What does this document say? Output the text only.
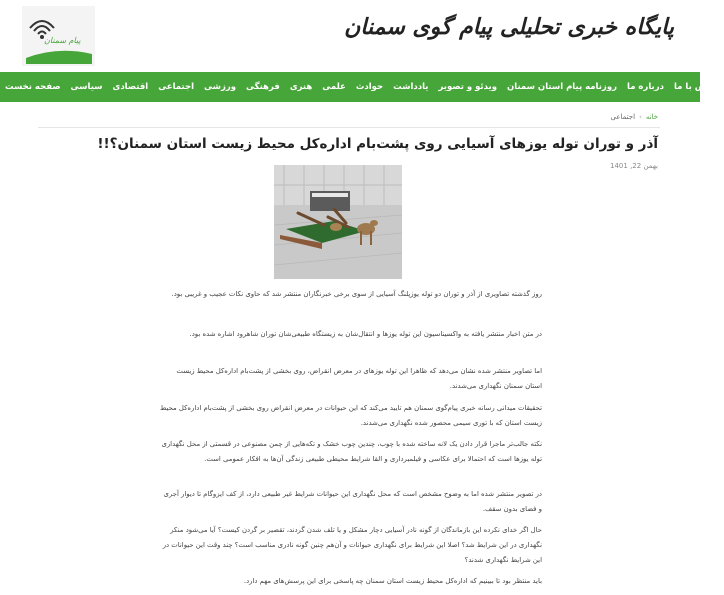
پیام سمنان
پایگاه خبری تحلیلی پیام گوی سمنان
صفحه نخست	سیاسی	اقتصادی	اجتماعی	ورزشی	فرهنگی	هنری	علمی	حوادث	یادداشت	ویدئو و تصویر	روزنامه پیام استان سمنان	درباره ما	تماس با ما
خانه
›
اجتماعی
آذر و توران توله یوزهای آسیایی روی پشت‌بام اداره‌کل محیط زیست استان سمنان؟!!
بهمن 22, 1401

روز گذشته تصاویری از آذر و توران دو توله یوزپلنگ آسیایی از سوی برخی خبرنگاران منتشر شد که حاوی نکات عجیب و غریبی بود.

در متن اخبار منتشر یافته به واکسیناسیون این توله یوزها و انتقال‌شان به زیستگاه طبیعی‌شان توران شاهرود اشاره شده بود.

اما تصاویر منتشر شده نشان می‌دهد که ظاهرا این توله یوزهای در معرض انقراض، روی بخشی از پشت‌بام اداره‌کل محیط زیست استان سمنان نگهداری می‌شدند.

تحقیقات میدانی رسانه خبری پیام‌گوی سمنان هم تایید می‌کند که این حیوانات در معرض انقراض روی بخشی از پشت‌بام اداره‌کل محیط زیست استان که با توری سیمی محصور شده نگهداری می‌شدند.

نکته جالب‌تر ماجرا قرار دادن یک لانه ساخته شده با چوب، چندین چوب خشک و تکه‌هایی از چمن مصنوعی در قسمتی از محل نگهداری توله یوزها است که احتمالا برای عکاسی و فیلمبرداری و القا شرایط محیطی طبیعی زندگی آن‌ها به افکار عمومی است.

در تصویر منتشر شده اما به وضوح مشخص است که محل نگهداری این حیوانات شرایط غیر طبیعی دارد، از کف ایزوگام تا دیوار آجری و فضای بدون سقف.

حال اگر خدای نکرده این بازماندگان از گونه نادر آسیایی دچار مشکل و یا تلف شدن گردند، تقصیر بر گردن کیست؟ آیا می‌شود منکر نگهداری در این شرایط شد؟ اصلا این شرایط برای نگهداری حیوانات و آن‌هم چنین گونه نادری مناسب است؟ چند وقت این حیوانات در این شرایط نگهداری شدند؟

باید منتظر بود تا ببینیم که اداره‌کل محیط زیست استان سمنان چه پاسخی برای این پرسش‌های مهم دارد.
